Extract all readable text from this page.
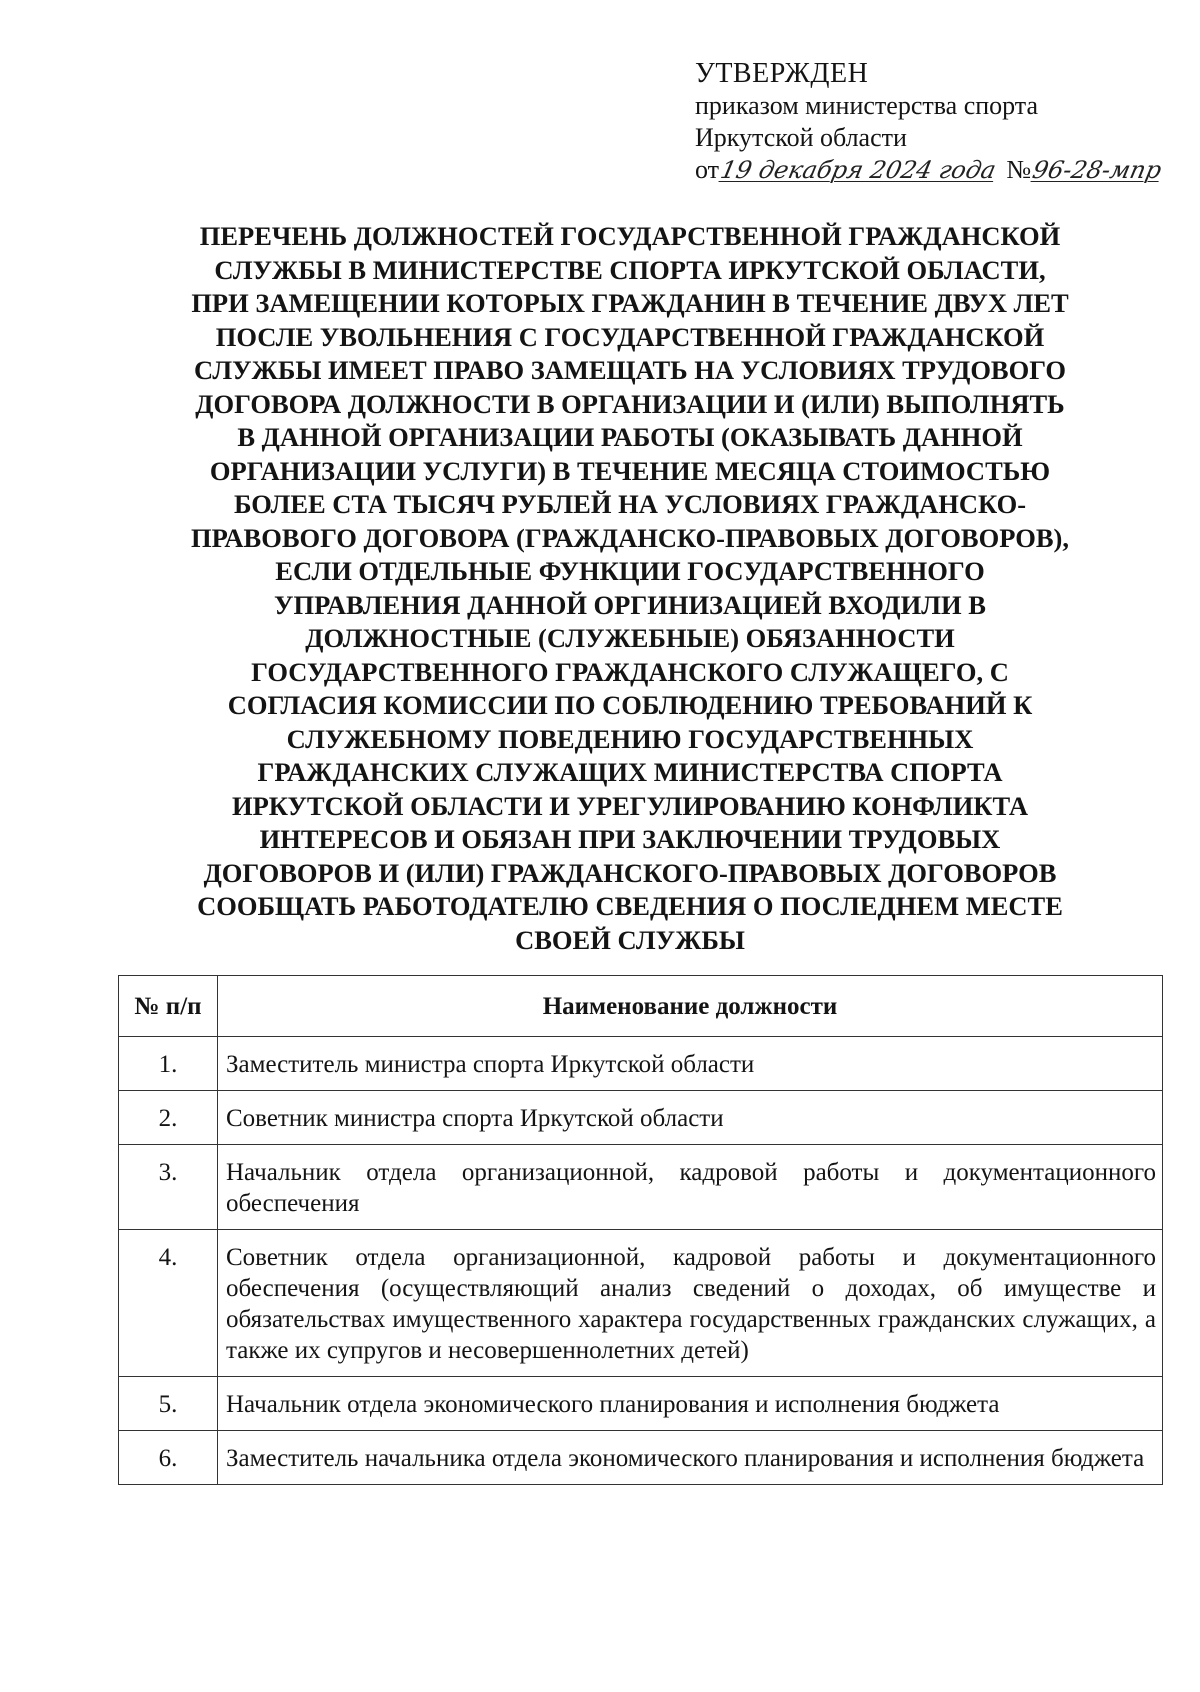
УТВЕРЖДЕН
приказом министерства спорта
Иркутской области
от 19 декабря 2024 года № 96-28-мпр
ПЕРЕЧЕНЬ ДОЛЖНОСТЕЙ ГОСУДАРСТВЕННОЙ ГРАЖДАНСКОЙ
СЛУЖБЫ В МИНИСТЕРСТВЕ СПОРТА ИРКУТСКОЙ ОБЛАСТИ,
ПРИ ЗАМЕЩЕНИИ КОТОРЫХ ГРАЖДАНИН В ТЕЧЕНИЕ ДВУХ ЛЕТ
ПОСЛЕ УВОЛЬНЕНИЯ С ГОСУДАРСТВЕННОЙ ГРАЖДАНСКОЙ
СЛУЖБЫ ИМЕЕТ ПРАВО ЗАМЕЩАТЬ НА УСЛОВИЯХ ТРУДОВОГО
ДОГОВОРА ДОЛЖНОСТИ В ОРГАНИЗАЦИИ И (ИЛИ) ВЫПОЛНЯТЬ
В ДАННОЙ ОРГАНИЗАЦИИ РАБОТЫ (ОКАЗЫВАТЬ ДАННОЙ
ОРГАНИЗАЦИИ УСЛУГИ) В ТЕЧЕНИЕ МЕСЯЦА СТОИМОСТЬЮ
БОЛЕЕ СТА ТЫСЯЧ РУБЛЕЙ НА УСЛОВИЯХ ГРАЖДАНСКО-
ПРАВОВОГО ДОГОВОРА (ГРАЖДАНСКО-ПРАВОВЫХ ДОГОВОРОВ),
ЕСЛИ ОТДЕЛЬНЫЕ ФУНКЦИИ ГОСУДАРСТВЕННОГО
УПРАВЛЕНИЯ ДАННОЙ ОРГИНИЗАЦИЕЙ ВХОДИЛИ В
ДОЛЖНОСТНЫЕ (СЛУЖЕБНЫЕ) ОБЯЗАННОСТИ
ГОСУДАРСТВЕННОГО ГРАЖДАНСКОГО СЛУЖАЩЕГО, С
СОГЛАСИЯ КОМИССИИ ПО СОБЛЮДЕНИЮ ТРЕБОВАНИЙ К
СЛУЖЕБНОМУ ПОВЕДЕНИЮ ГОСУДАРСТВЕННЫХ
ГРАЖДАНСКИХ СЛУЖАЩИХ МИНИСТЕРСТВА СПОРТА
ИРКУТСКОЙ ОБЛАСТИ И УРЕГУЛИРОВАНИЮ КОНФЛИКТА
ИНТЕРЕСОВ И ОБЯЗАН ПРИ ЗАКЛЮЧЕНИИ ТРУДОВЫХ
ДОГОВОРОВ И (ИЛИ) ГРАЖДАНСКОГО-ПРАВОВЫХ ДОГОВОРОВ
СООБЩАТЬ РАБОТОДАТЕЛЮ СВЕДЕНИЯ О ПОСЛЕДНЕМ МЕСТЕ
СВОЕЙ СЛУЖБЫ
№ п/п	Наименование должности
1.	Заместитель министра спорта Иркутской области
2.	Советник министра спорта Иркутской области
3.	Начальник отдела организационной, кадровой работы и документационного обеспечения
4.	Советник отдела организационной, кадровой работы и документационного обеспечения (осуществляющий анализ сведений о доходах, об имуществе и обязательствах имущественного характера государственных гражданских служащих, а также их супругов и несовершеннолетних детей)
5.	Начальник отдела экономического планирования и исполнения бюджета
6.	Заместитель начальника отдела экономического планирования и исполнения бюджета
